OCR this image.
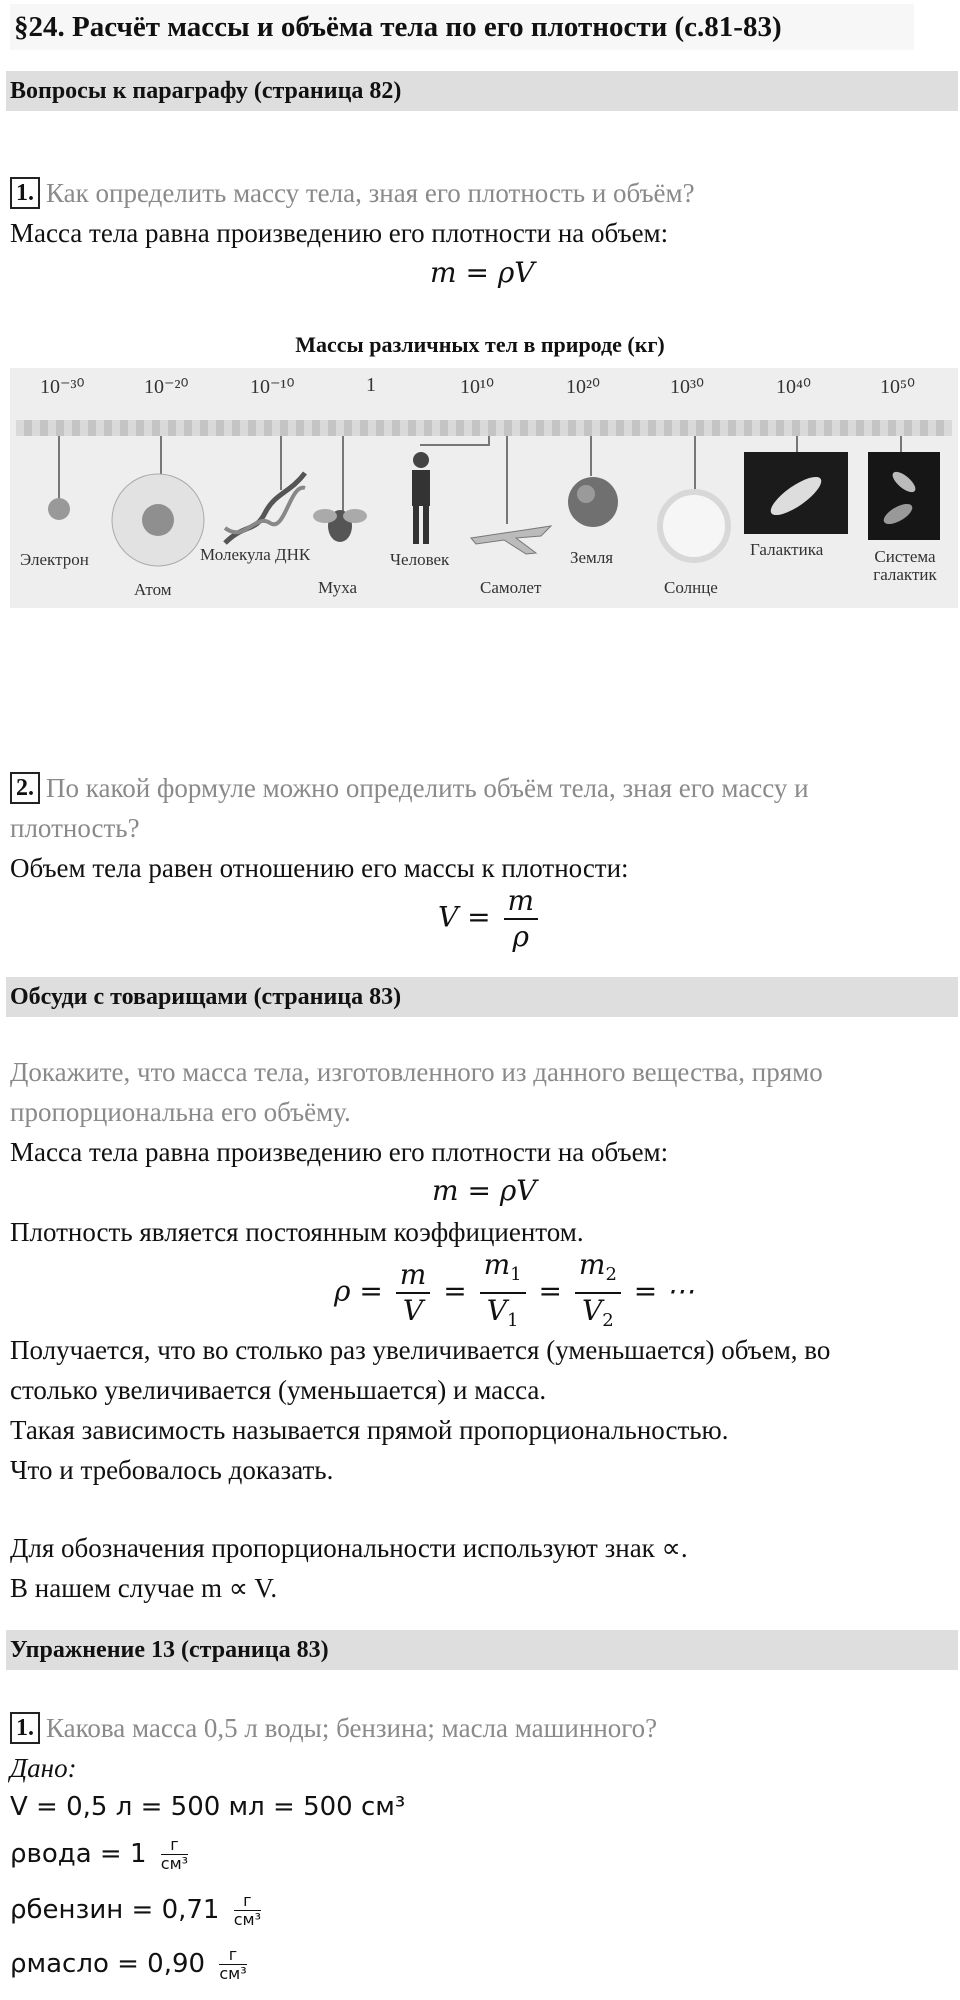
§24. Расчёт массы и объёма тела по его плотности (с.81-83)
Вопросы к параграфу (страница 82)
1. Как определить массу тела, зная его плотность и объём?
Масса тела равна произведению его плотности на объем:
m = ρV
Массы различных тел в природе (кг)
10⁻³⁰	10⁻²⁰	10⁻¹⁰	1	10¹⁰	10²⁰	10³⁰	10⁴⁰	10⁵⁰
Электрон
Атом
Молекула ДНК
Муха
Человек
Самолет
Земля
Солнце
Галактика	Система галактик
2. По какой формуле можно определить объём тела, зная его массу и
плотность?
Объем тела равен отношению его массы к плотности:
$V = \frac{m}{\rho}$
Обсуди с товарищами (страница 83)
Докажите, что масса тела, изготовленного из данного вещества, прямо
пропорциональна его объёму.
Масса тела равна произведению его плотности на объем:
m = ρV
Плотность является постоянным коэффициентом.
$\rho = \frac{m}{V} = \frac{m_1}{V_1} = \frac{m_2}{V_2}$ = ⋯
Получается, что во столько раз увеличивается (уменьшается) объем, во
столько увеличивается (уменьшается) и масса.
Такая зависимость называется прямой пропорциональностью.
Что и требовалось доказать.
Для обозначения пропорциональности используют знак ∝.
В нашем случае m ∝ V.
Упражнение 13 (страница 83)
1. Какова масса 0,5 л воды; бензина; масла машинного?
Дано:
V = 0,5 л = 500 мл = 500 см³
ρвода = $1 \frac{г}{\text{см³}}$
ρбензин = $0,71 \frac{г}{\text{см³}}$
ρмасло = $0,90 \frac{г}{\text{см³}}$
